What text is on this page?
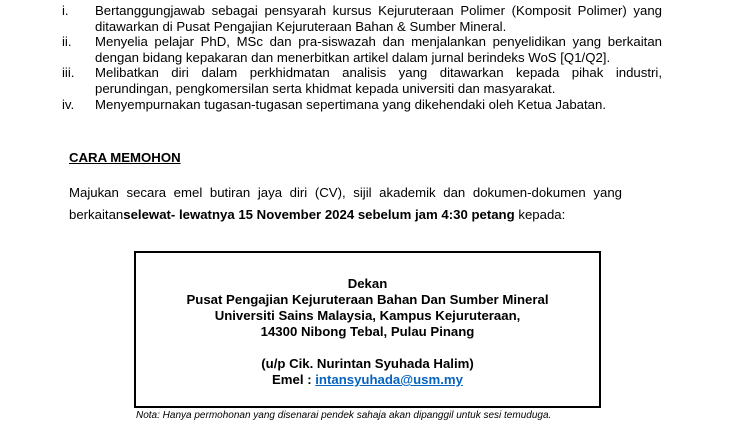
i. Bertanggungjawab sebagai pensyarah kursus Kejuruteraan Polimer (Komposit Polimer) yang ditawarkan di Pusat Pengajian Kejuruteraan Bahan & Sumber Mineral.
ii. Menyelia pelajar PhD, MSc dan pra-siswazah dan menjalankan penyelidikan yang berkaitan dengan bidang kepakaran dan menerbitkan artikel dalam jurnal berindeks WoS [Q1/Q2].
iii. Melibatkan diri dalam perkhidmatan analisis yang ditawarkan kepada pihak industri, perundingan, pengkomersilan serta khidmat kepada universiti dan masyarakat.
iv. Menyempurnakan tugasan-tugasan sepertimana yang dikehendaki oleh Ketua Jabatan.
CARA MEMOHON

Majukan secara emel butiran jaya diri (CV), sijil akademik dan dokumen-dokumen yang berkaitanselewat- lewatnya 15 November 2024 sebelum jam 4:30 petang kepada:

Dekan
Pusat Pengajian Kejuruteraan Bahan Dan Sumber Mineral
Universiti Sains Malaysia, Kampus Kejuruteraan,
14300 Nibong Tebal, Pulau Pinang
(u/p Cik. Nurintan Syuhada Halim)
Emel : intansyuhada@usm.my
Nota: Hanya permohonan yang disenarai pendek sahaja akan dipanggil untuk sesi temuduga.
